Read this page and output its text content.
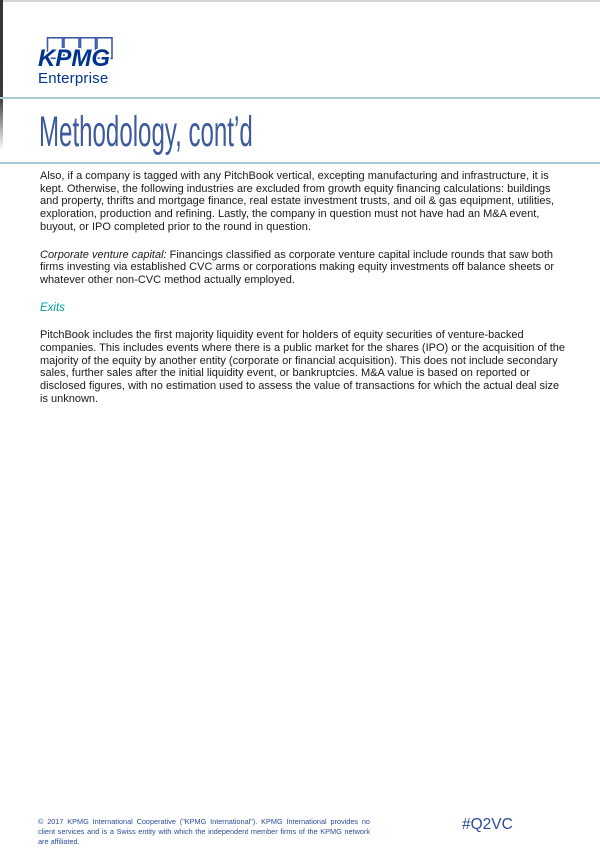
KPMG
Enterprise
Methodology, cont’d

Also, if a company is tagged with any PitchBook vertical, excepting manufacturing and infrastructure, it is kept. Otherwise, the following industries are excluded from growth equity financing calculations: buildings and property, thrifts and mortgage finance, real estate investment trusts, and oil & gas equipment, utilities, exploration, production and refining. Lastly, the company in question must not have had an M&A event, buyout, or IPO completed prior to the round in question.

Corporate venture capital: Financings classified as corporate venture capital include rounds that saw both firms investing via established CVC arms or corporations making equity investments off balance sheets or whatever other non-CVC method actually employed.

Exits

PitchBook includes the first majority liquidity event for holders of equity securities of venture-backed companies. This includes events where there is a public market for the shares (IPO) or the acquisition of the majority of the equity by another entity (corporate or financial acquisition). This does not include secondary sales, further sales after the initial liquidity event, or bankruptcies. M&A value is based on reported or disclosed figures, with no estimation used to assess the value of transactions for which the actual deal size is unknown.

© 2017 KPMG International Cooperative ("KPMG International"). KPMG International provides no client services and is a Swiss entity with which the independent member firms of the KPMG network are affiliated.
#Q2VC
